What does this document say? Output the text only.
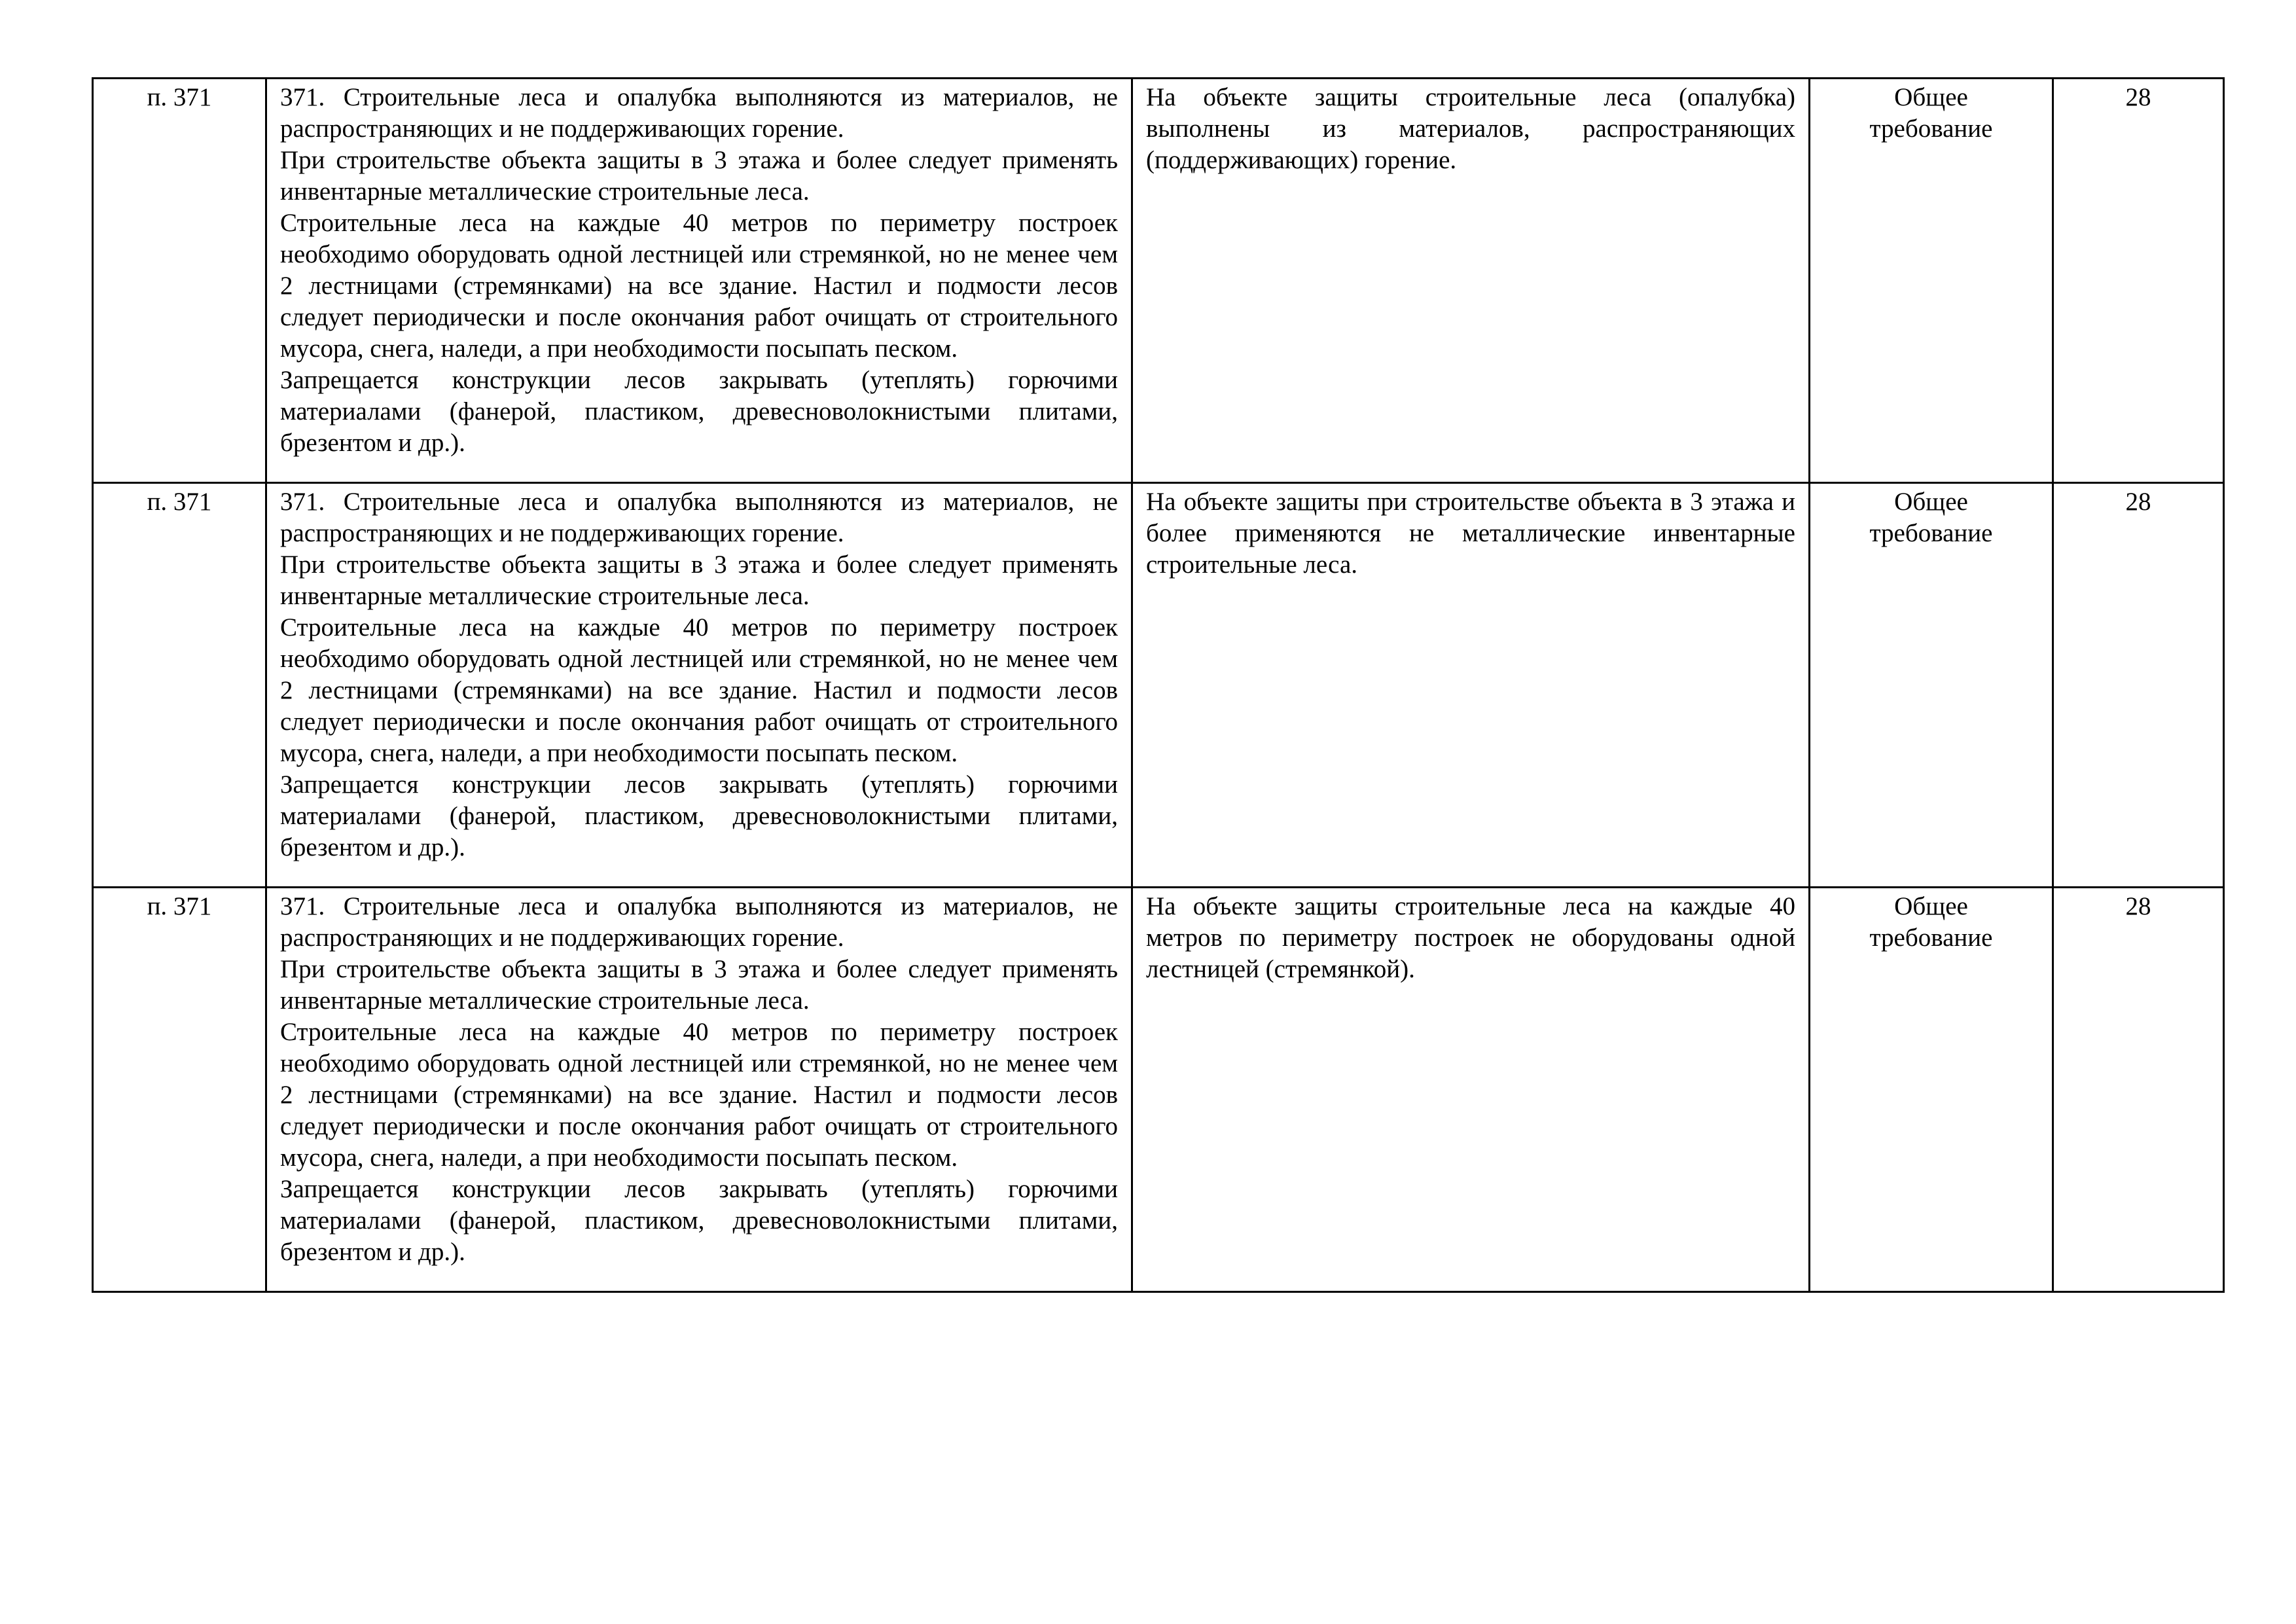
п. 371	371. Строительные леса и опалубка выполняются из материалов, не распространяющих и не поддерживающих горение.
При строительстве объекта защиты в 3 этажа и более следует применять инвентарные металлические строительные леса.
Строительные леса на каждые 40 метров по периметру построек необходимо оборудовать одной лестницей или стремянкой, но не менее чем 2 лестницами (стремянками) на все здание. Настил и подмости лесов следует периодически и после окончания работ очищать от строительного мусора, снега, наледи, а при необходимости посыпать песком.
Запрещается конструкции лесов закрывать (утеплять) горючими материалами (фанерой, пластиком, древесноволокнистыми плитами, брезентом и др.).	На объекте защиты строительные леса (опалубка) выполнены из материалов, распространяющих (поддерживающих) горение.	Общее
требование	28
п. 371	371. Строительные леса и опалубка выполняются из материалов, не распространяющих и не поддерживающих горение.
При строительстве объекта защиты в 3 этажа и более следует применять инвентарные металлические строительные леса.
Строительные леса на каждые 40 метров по периметру построек необходимо оборудовать одной лестницей или стремянкой, но не менее чем 2 лестницами (стремянками) на все здание. Настил и подмости лесов следует периодически и после окончания работ очищать от строительного мусора, снега, наледи, а при необходимости посыпать песком.
Запрещается конструкции лесов закрывать (утеплять) горючими материалами (фанерой, пластиком, древесноволокнистыми плитами, брезентом и др.).	На объекте защиты при строительстве объекта в 3 этажа и более применяются не металлические инвентарные строительные леса.	Общее
требование	28
п. 371	371. Строительные леса и опалубка выполняются из материалов, не распространяющих и не поддерживающих горение.
При строительстве объекта защиты в 3 этажа и более следует применять инвентарные металлические строительные леса.
Строительные леса на каждые 40 метров по периметру построек необходимо оборудовать одной лестницей или стремянкой, но не менее чем 2 лестницами (стремянками) на все здание. Настил и подмости лесов следует периодически и после окончания работ очищать от строительного мусора, снега, наледи, а при необходимости посыпать песком.
Запрещается конструкции лесов закрывать (утеплять) горючими материалами (фанерой, пластиком, древесноволокнистыми плитами, брезентом и др.).	На объекте защиты строительные леса на каждые 40 метров по периметру построек не оборудованы одной лестницей (стремянкой).	Общее
требование	28
